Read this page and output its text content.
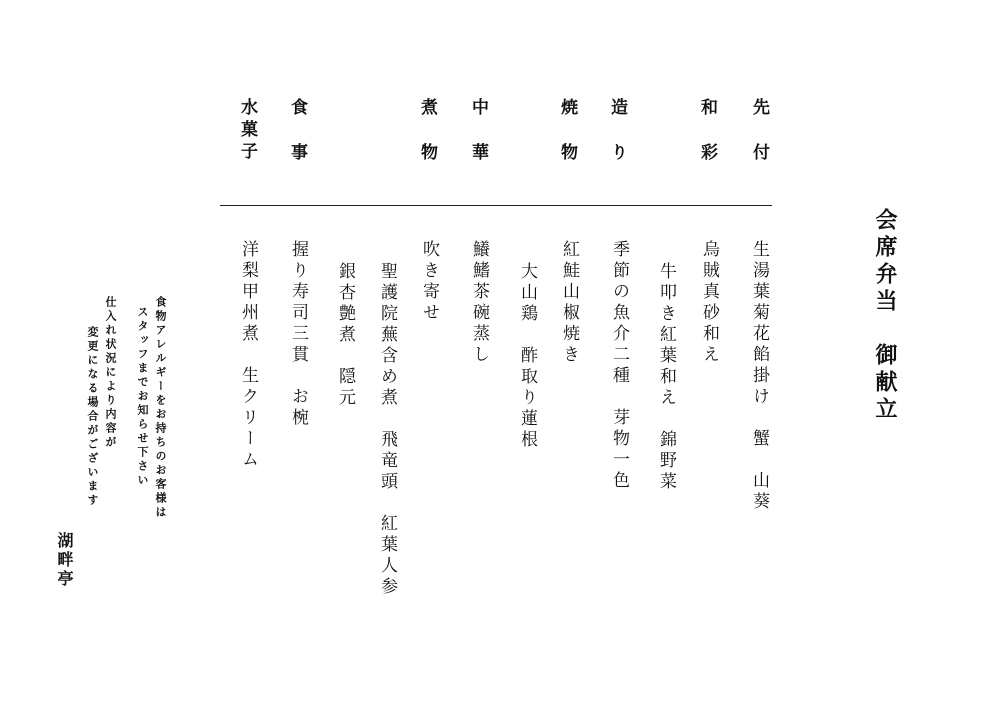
会席弁当　御献立
先付
和彩
造り
焼物
中華
煮物
食事
水菓子
生湯葉菊花餡掛け　蟹　山葵
烏賊真砂和え
牛叩き紅葉和え　錦野菜
季節の魚介二種　芽物一色
紅鮭山椒焼き
大山鶏　酢取り蓮根
鱶鰭茶碗蒸し
吹き寄せ
聖護院蕪含め煮　飛竜頭　紅葉人参
銀杏艶煮　隠元
握り寿司三貫　お椀
洋梨甲州煮　生クリーム
食物アレルギーをお持ちのお客様は
スタッフまでお知らせ下さい
仕入れ状況により内容が
変更になる場合がございます
湖畔亭
